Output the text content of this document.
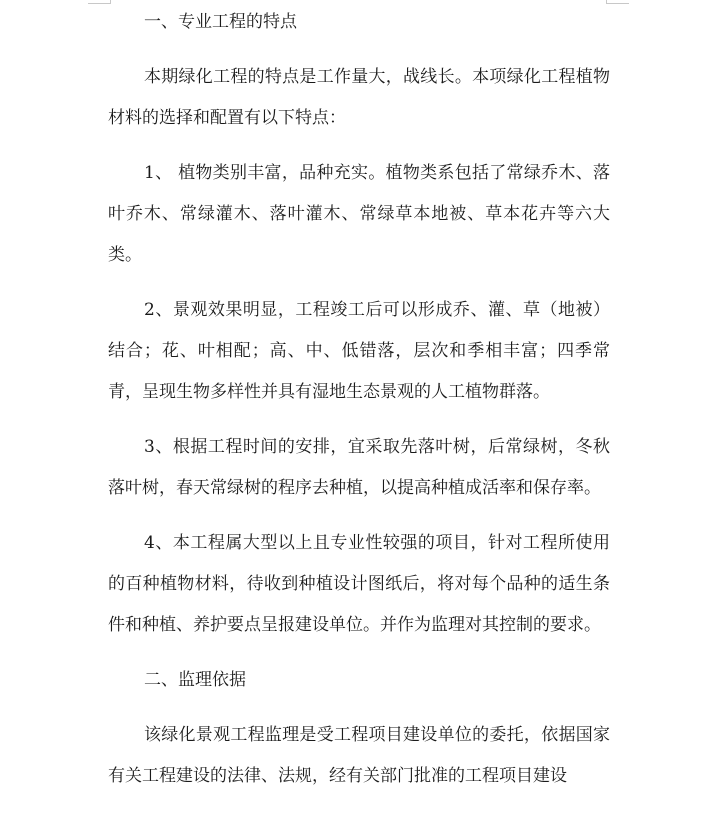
一、专业工程的特点

本期绿化工程的特点是工作量大，战线长。本项绿化工程植物材料的选择和配置有以下特点：

1、 植物类别丰富，品种充实。植物类系包括了常绿乔木、落叶乔木、常绿灌木、落叶灌木、常绿草本地被、草本花卉等六大类。

2、景观效果明显，工程竣工后可以形成乔、灌、草（地被）结合；花、叶相配；高、中、低错落，层次和季相丰富；四季常青，呈现生物多样性并具有湿地生态景观的人工植物群落。

3、根据工程时间的安排，宜采取先落叶树，后常绿树，冬秋落叶树，春天常绿树的程序去种植，以提高种植成活率和保存率。

4、本工程属大型以上且专业性较强的项目，针对工程所使用的百种植物材料，待收到种植设计图纸后，将对每个品种的适生条件和种植、养护要点呈报建设单位。并作为监理对其控制的要求。

二、监理依据

该绿化景观工程监理是受工程项目建设单位的委托，依据国家有关工程建设的法律、法规，经有关部门批准的工程项目建设
